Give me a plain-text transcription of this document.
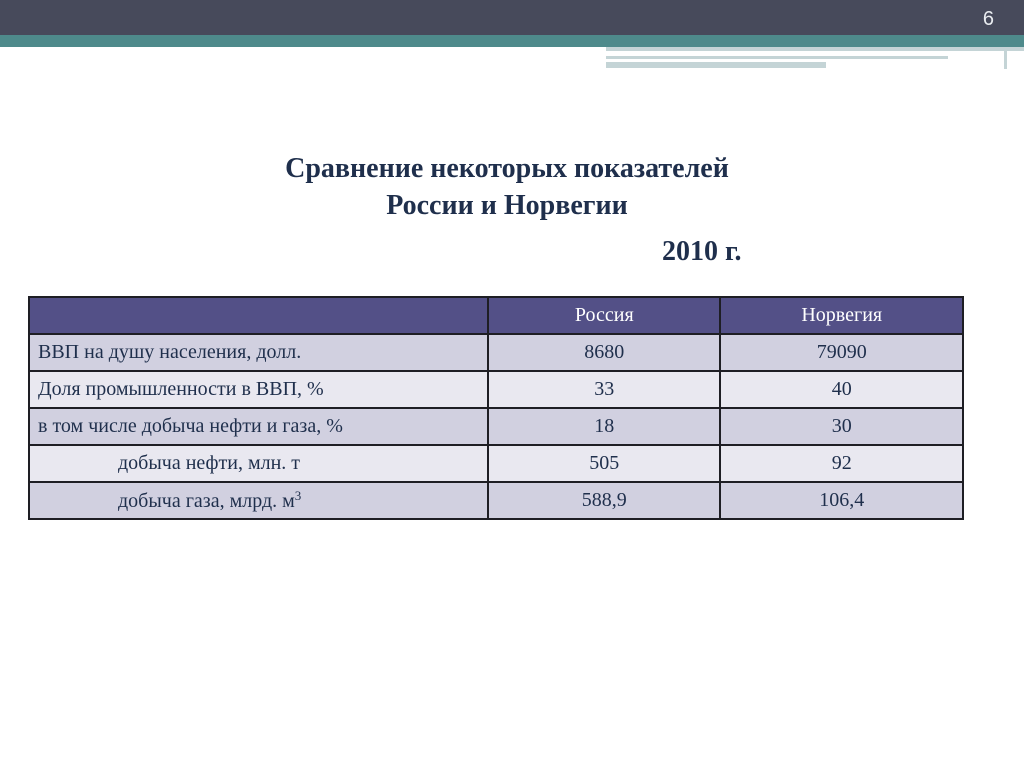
6
Сравнение некоторых показателей
России и Норвегии
2010 г.
	Россия	Норвегия
ВВП на душу населения, долл.	8680	79090
Доля промышленности в ВВП, %	33	40
в том числе добыча нефти и газа, %	18	30
добыча нефти, млн. т	505	92
добыча газа, млрд. $м^3$	588,9	106,4
